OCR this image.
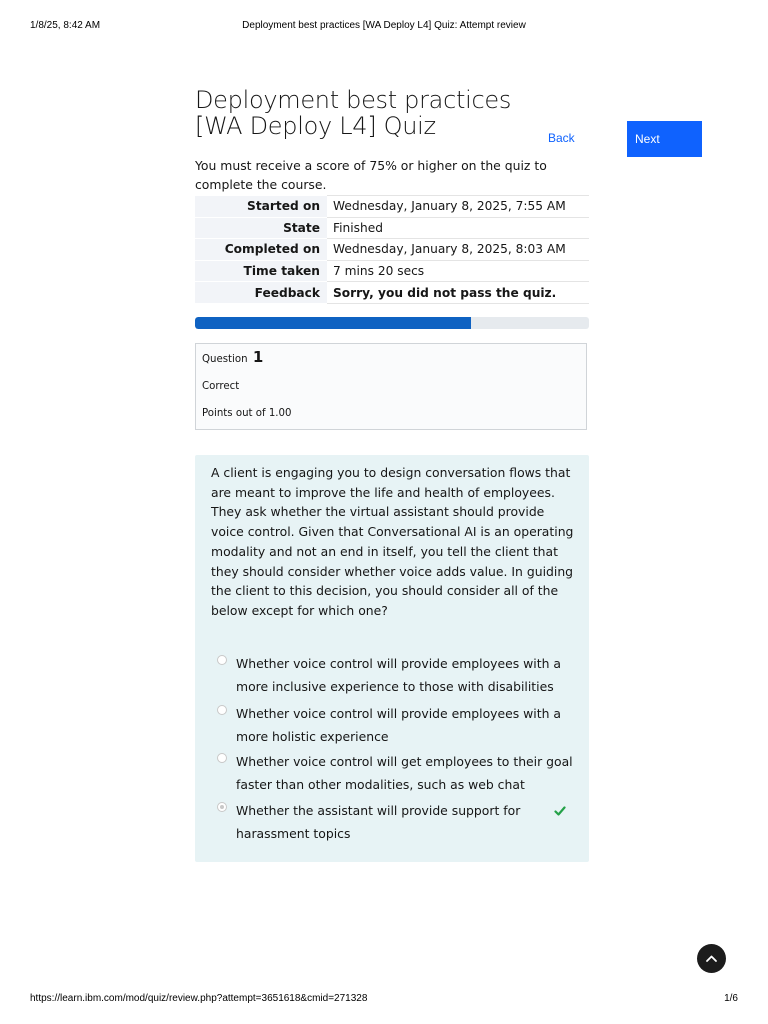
1/8/25, 8:42 AM	Deployment best practices [WA Deploy L4] Quiz: Attempt review
Deployment best practices [WA Deploy L4] Quiz	Back	Next

You must receive a score of 75% or higher on the quiz to complete the course.

Started on	Wednesday, January 8, 2025, 7:55 AM
State	Finished
Completed on	Wednesday, January 8, 2025, 8:03 AM
Time taken	7 mins 20 secs
Feedback	Sorry, you did not pass the quiz.
Question 1
Correct
Points out of 1.00

A client is engaging you to design conversation flows that are meant to improve the life and health of employees. They ask whether the virtual assistant should provide voice control. Given that Conversational AI is an operating modality and not an end in itself, you tell the client that they should consider whether voice adds value. In guiding the client to this decision, you should consider all of the below except for which one?

Whether voice control will provide employees with a more inclusive experience to those with disabilities
Whether voice control will provide employees with a more holistic experience
Whether voice control will get employees to their goal faster than other modalities, such as web chat
Whether the assistant will provide support for harassment topics
https://learn.ibm.com/mod/quiz/review.php?attempt=3651618&cmid=271328	1/6
